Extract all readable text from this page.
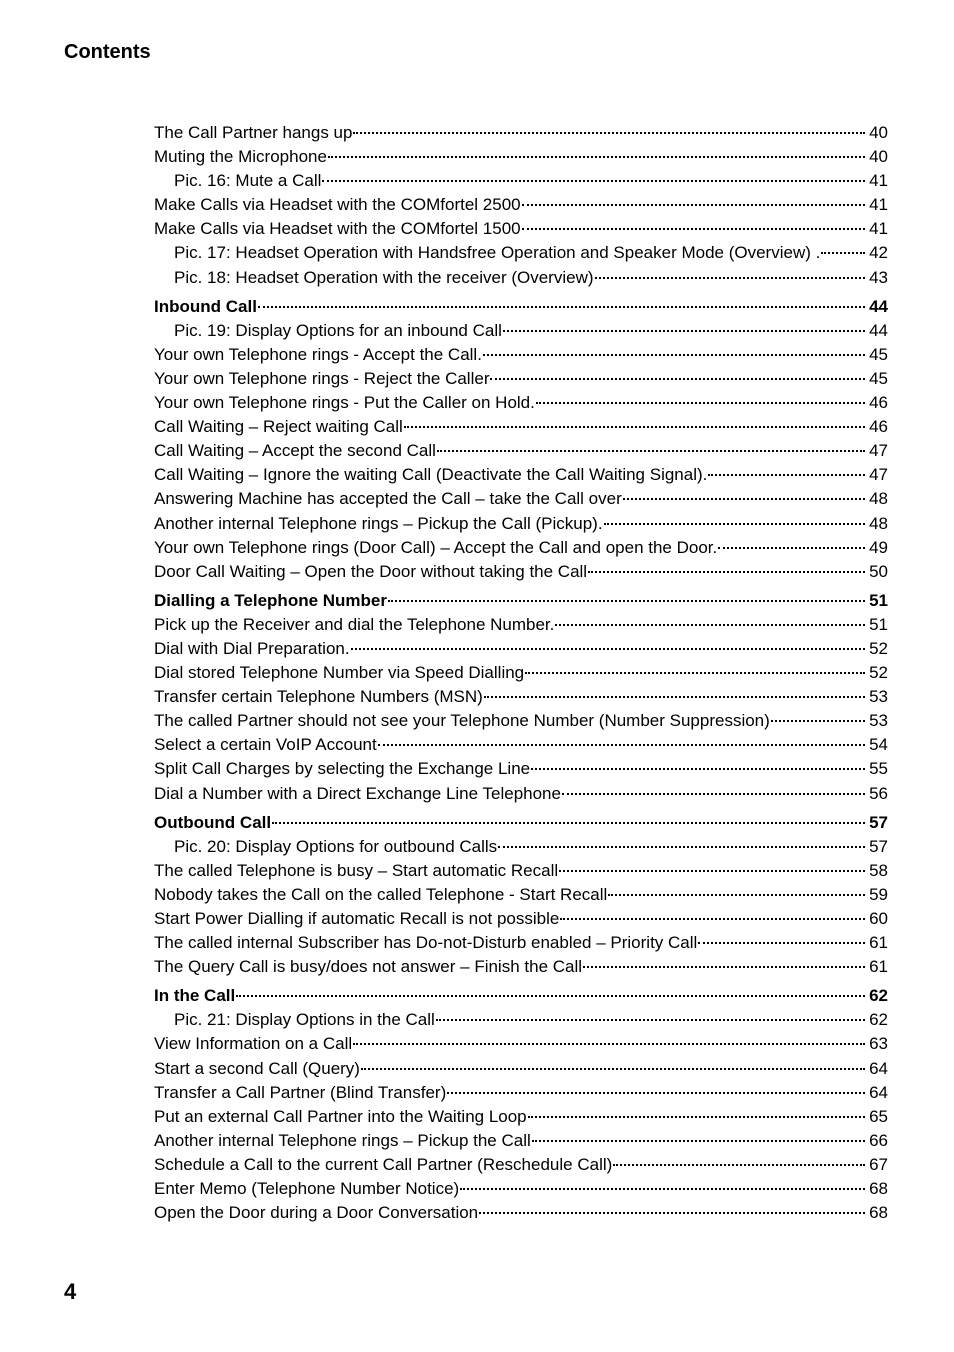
Contents
The Call Partner hangs up	40
Muting the Microphone	40
Pic. 16: Mute a Call	41
Make Calls via Headset with the COMfortel 2500	41
Make Calls via Headset with the COMfortel 1500	41
Pic. 17: Headset Operation with Handsfree Operation and Speaker Mode (Overview) .	42
Pic. 18: Headset Operation with the receiver (Overview)	43
Inbound Call	44
Pic. 19: Display Options for an inbound Call	44
Your own Telephone rings - Accept the Call.	45
Your own Telephone rings - Reject the Caller	45
Your own Telephone rings - Put the Caller on Hold.	46
Call Waiting – Reject waiting Call	46
Call Waiting – Accept the second Call	47
Call Waiting – Ignore the waiting Call (Deactivate the Call Waiting Signal).	47
Answering Machine has accepted the Call – take the Call over	48
Another internal Telephone rings – Pickup the Call (Pickup).	48
Your own Telephone rings (Door Call) – Accept the Call and open the Door.	49
Door Call Waiting – Open the Door without taking the Call	50
Dialling a Telephone Number	51
Pick up the Receiver and dial the Telephone Number.	51
Dial with Dial Preparation.	52
Dial stored Telephone Number via Speed Dialling	52
Transfer certain Telephone Numbers (MSN)	53
The called Partner should not see your Telephone Number (Number Suppression)	53
Select a certain VoIP Account	54
Split Call Charges by selecting the Exchange Line	55
Dial a Number with a Direct Exchange Line Telephone	56
Outbound Call	57
Pic. 20: Display Options for outbound Calls	57
The called Telephone is busy – Start automatic Recall	58
Nobody takes the Call on the called Telephone - Start Recall	59
Start Power Dialling if automatic Recall is not possible	60
The called internal Subscriber has Do-not-Disturb enabled – Priority Call	61
The Query Call is busy/does not answer – Finish the Call	61
In the Call	62
Pic. 21: Display Options in the Call	62
View Information on a Call	63
Start a second Call (Query)	64
Transfer a Call Partner (Blind Transfer)	64
Put an external Call Partner into the Waiting Loop	65
Another internal Telephone rings – Pickup the Call	66
Schedule a Call to the current Call Partner (Reschedule Call)	67
Enter Memo (Telephone Number Notice)	68
Open the Door during a Door Conversation	68
4
